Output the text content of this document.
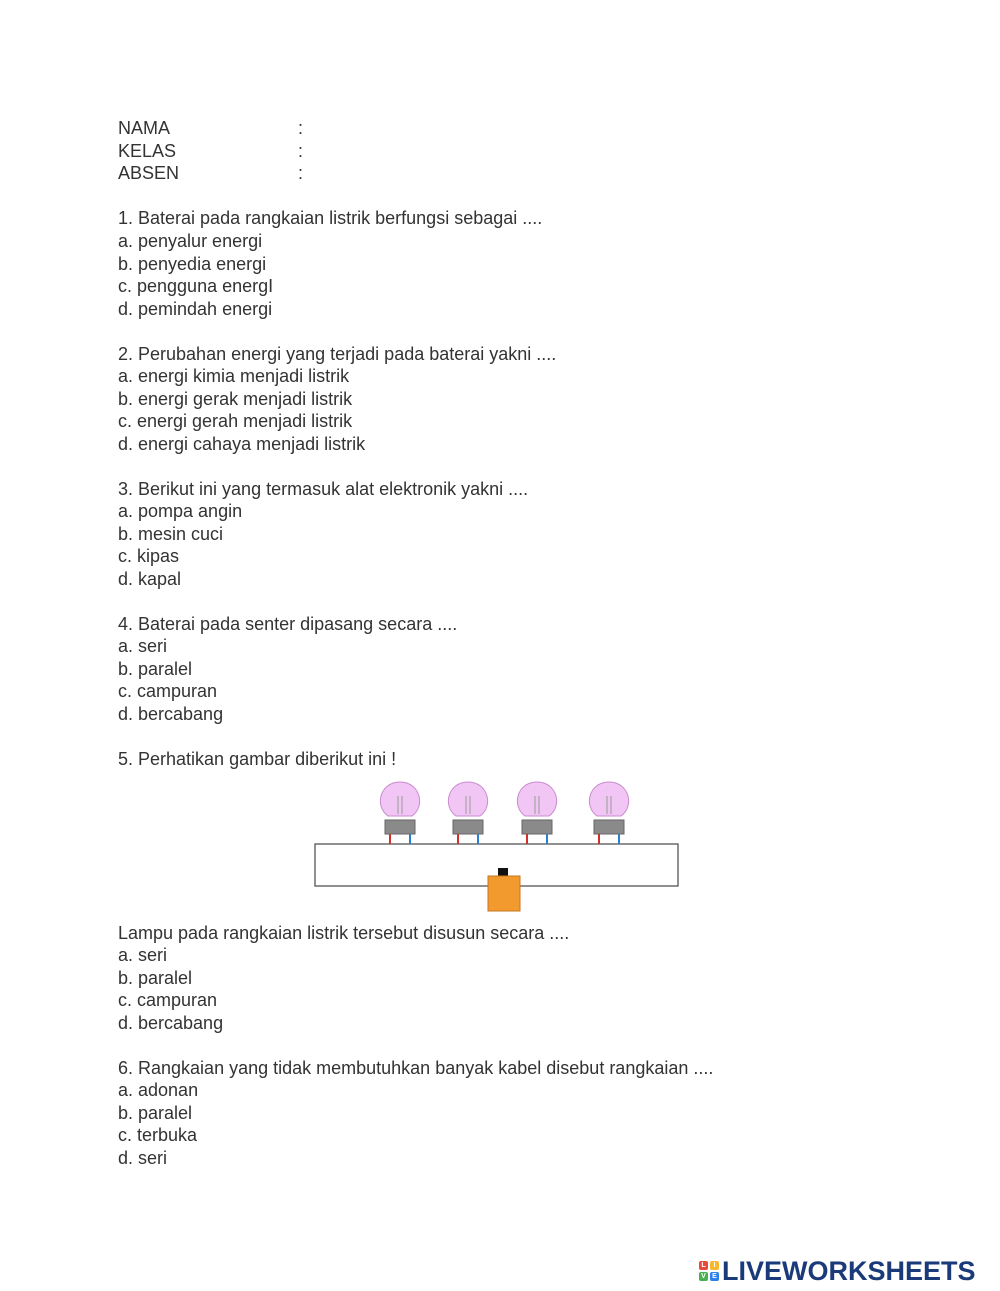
NAMA	:
KELAS	:
ABSEN	:
1. Baterai pada rangkaian listrik berfungsi sebagai ....
a. penyalur energi
b. penyedia energi
c. pengguna energI
d. pemindah energi
2. Perubahan energi yang terjadi pada baterai yakni ....
a. energi kimia menjadi listrik
b. energi gerak menjadi listrik
c. energi gerah menjadi listrik
d. energi cahaya menjadi listrik
3. Berikut ini yang termasuk alat elektronik yakni ....
a. pompa angin
b. mesin cuci
c. kipas
d. kapal
4. Baterai pada senter dipasang secara ....
a. seri
b. paralel
c. campuran
d. bercabang
5. Perhatikan gambar diberikut ini !
Lampu pada rangkaian listrik tersebut disusun secara ....
a. seri
b. paralel
c. campuran
d. bercabang
6. Rangkaian yang tidak membutuhkan banyak kabel disebut rangkaian ....
a. adonan
b. paralel
c. terbuka
d. seri
L	I
V E LIVEWORKSHEETS
